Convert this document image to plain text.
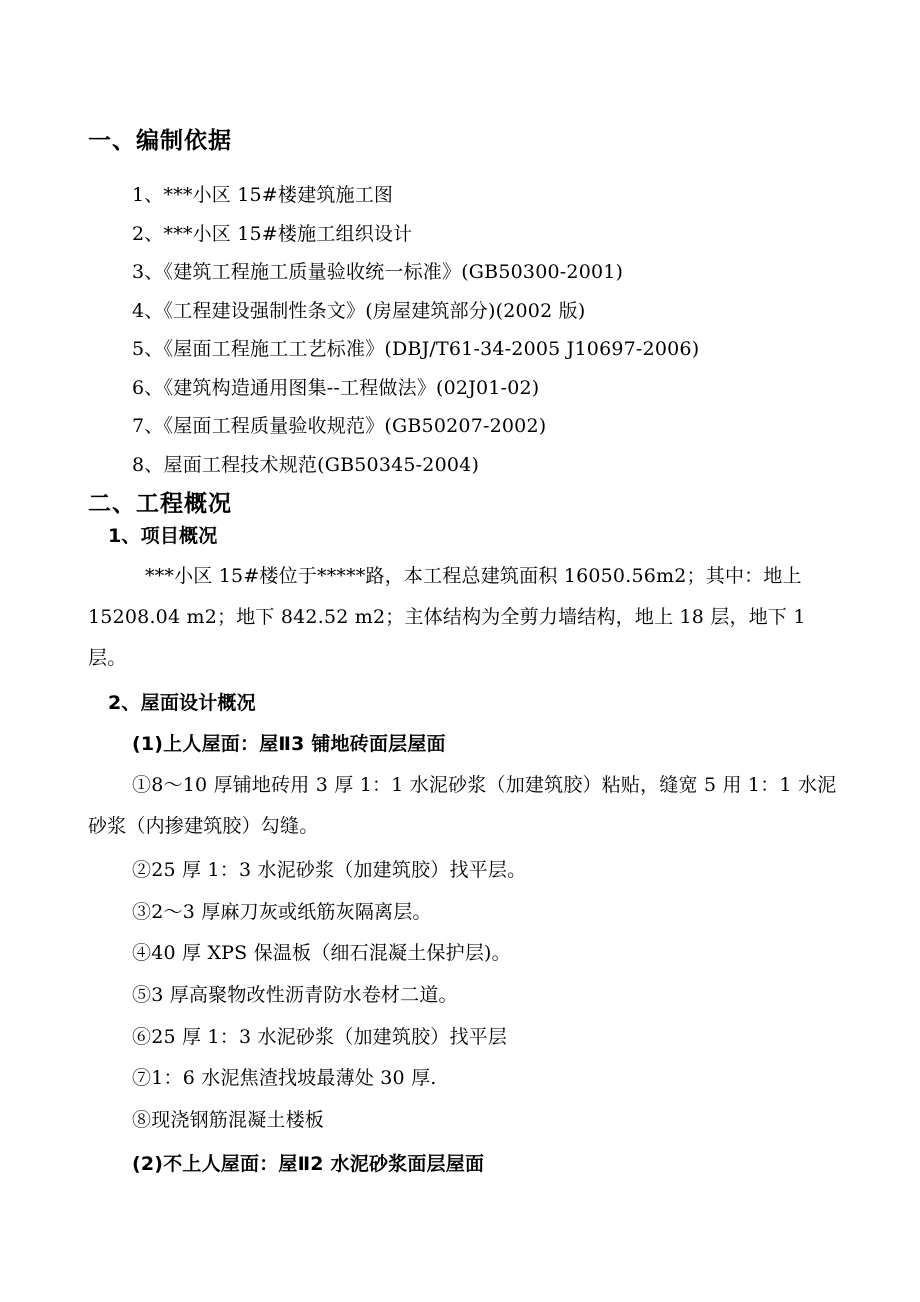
一、编制依据
1、***小区 15#楼建筑施工图
2、***小区 15#楼施工组织设计
3、《建筑工程施工质量验收统一标准》(GB50300-2001)
4、《工程建设强制性条文》(房屋建筑部分)(2002 版)
5、《屋面工程施工工艺标准》(DBJ/T61-34-2005 J10697-2006)
6、《建筑构造通用图集--工程做法》(02J01-02)
7、《屋面工程质量验收规范》(GB50207-2002)
8、屋面工程技术规范(GB50345-2004)
二、工程概况
1、项目概况
***小区 15#楼位于*****路，本工程总建筑面积 16050.56m2；其中：地上 15208.04 m2；地下 842.52 m2；主体结构为全剪力墙结构，地上 18 层，地下 1 层。
2、屋面设计概况
(1)上人屋面：屋Ⅱ3 铺地砖面层屋面
①8～10 厚铺地砖用 3 厚 1：1 水泥砂浆（加建筑胶）粘贴，缝宽 5 用 1：1 水泥砂浆（内掺建筑胶）勾缝。
②25 厚 1：3 水泥砂浆（加建筑胶）找平层。
③2～3 厚麻刀灰或纸筋灰隔离层。
④40 厚 XPS 保温板（细石混凝土保护层)。
⑤3 厚高聚物改性沥青防水卷材二道。
⑥25 厚 1：3 水泥砂浆（加建筑胶）找平层
⑦1：6 水泥焦渣找坡最薄处 30 厚.
⑧现浇钢筋混凝土楼板
(2)不上人屋面：屋Ⅱ2 水泥砂浆面层屋面
